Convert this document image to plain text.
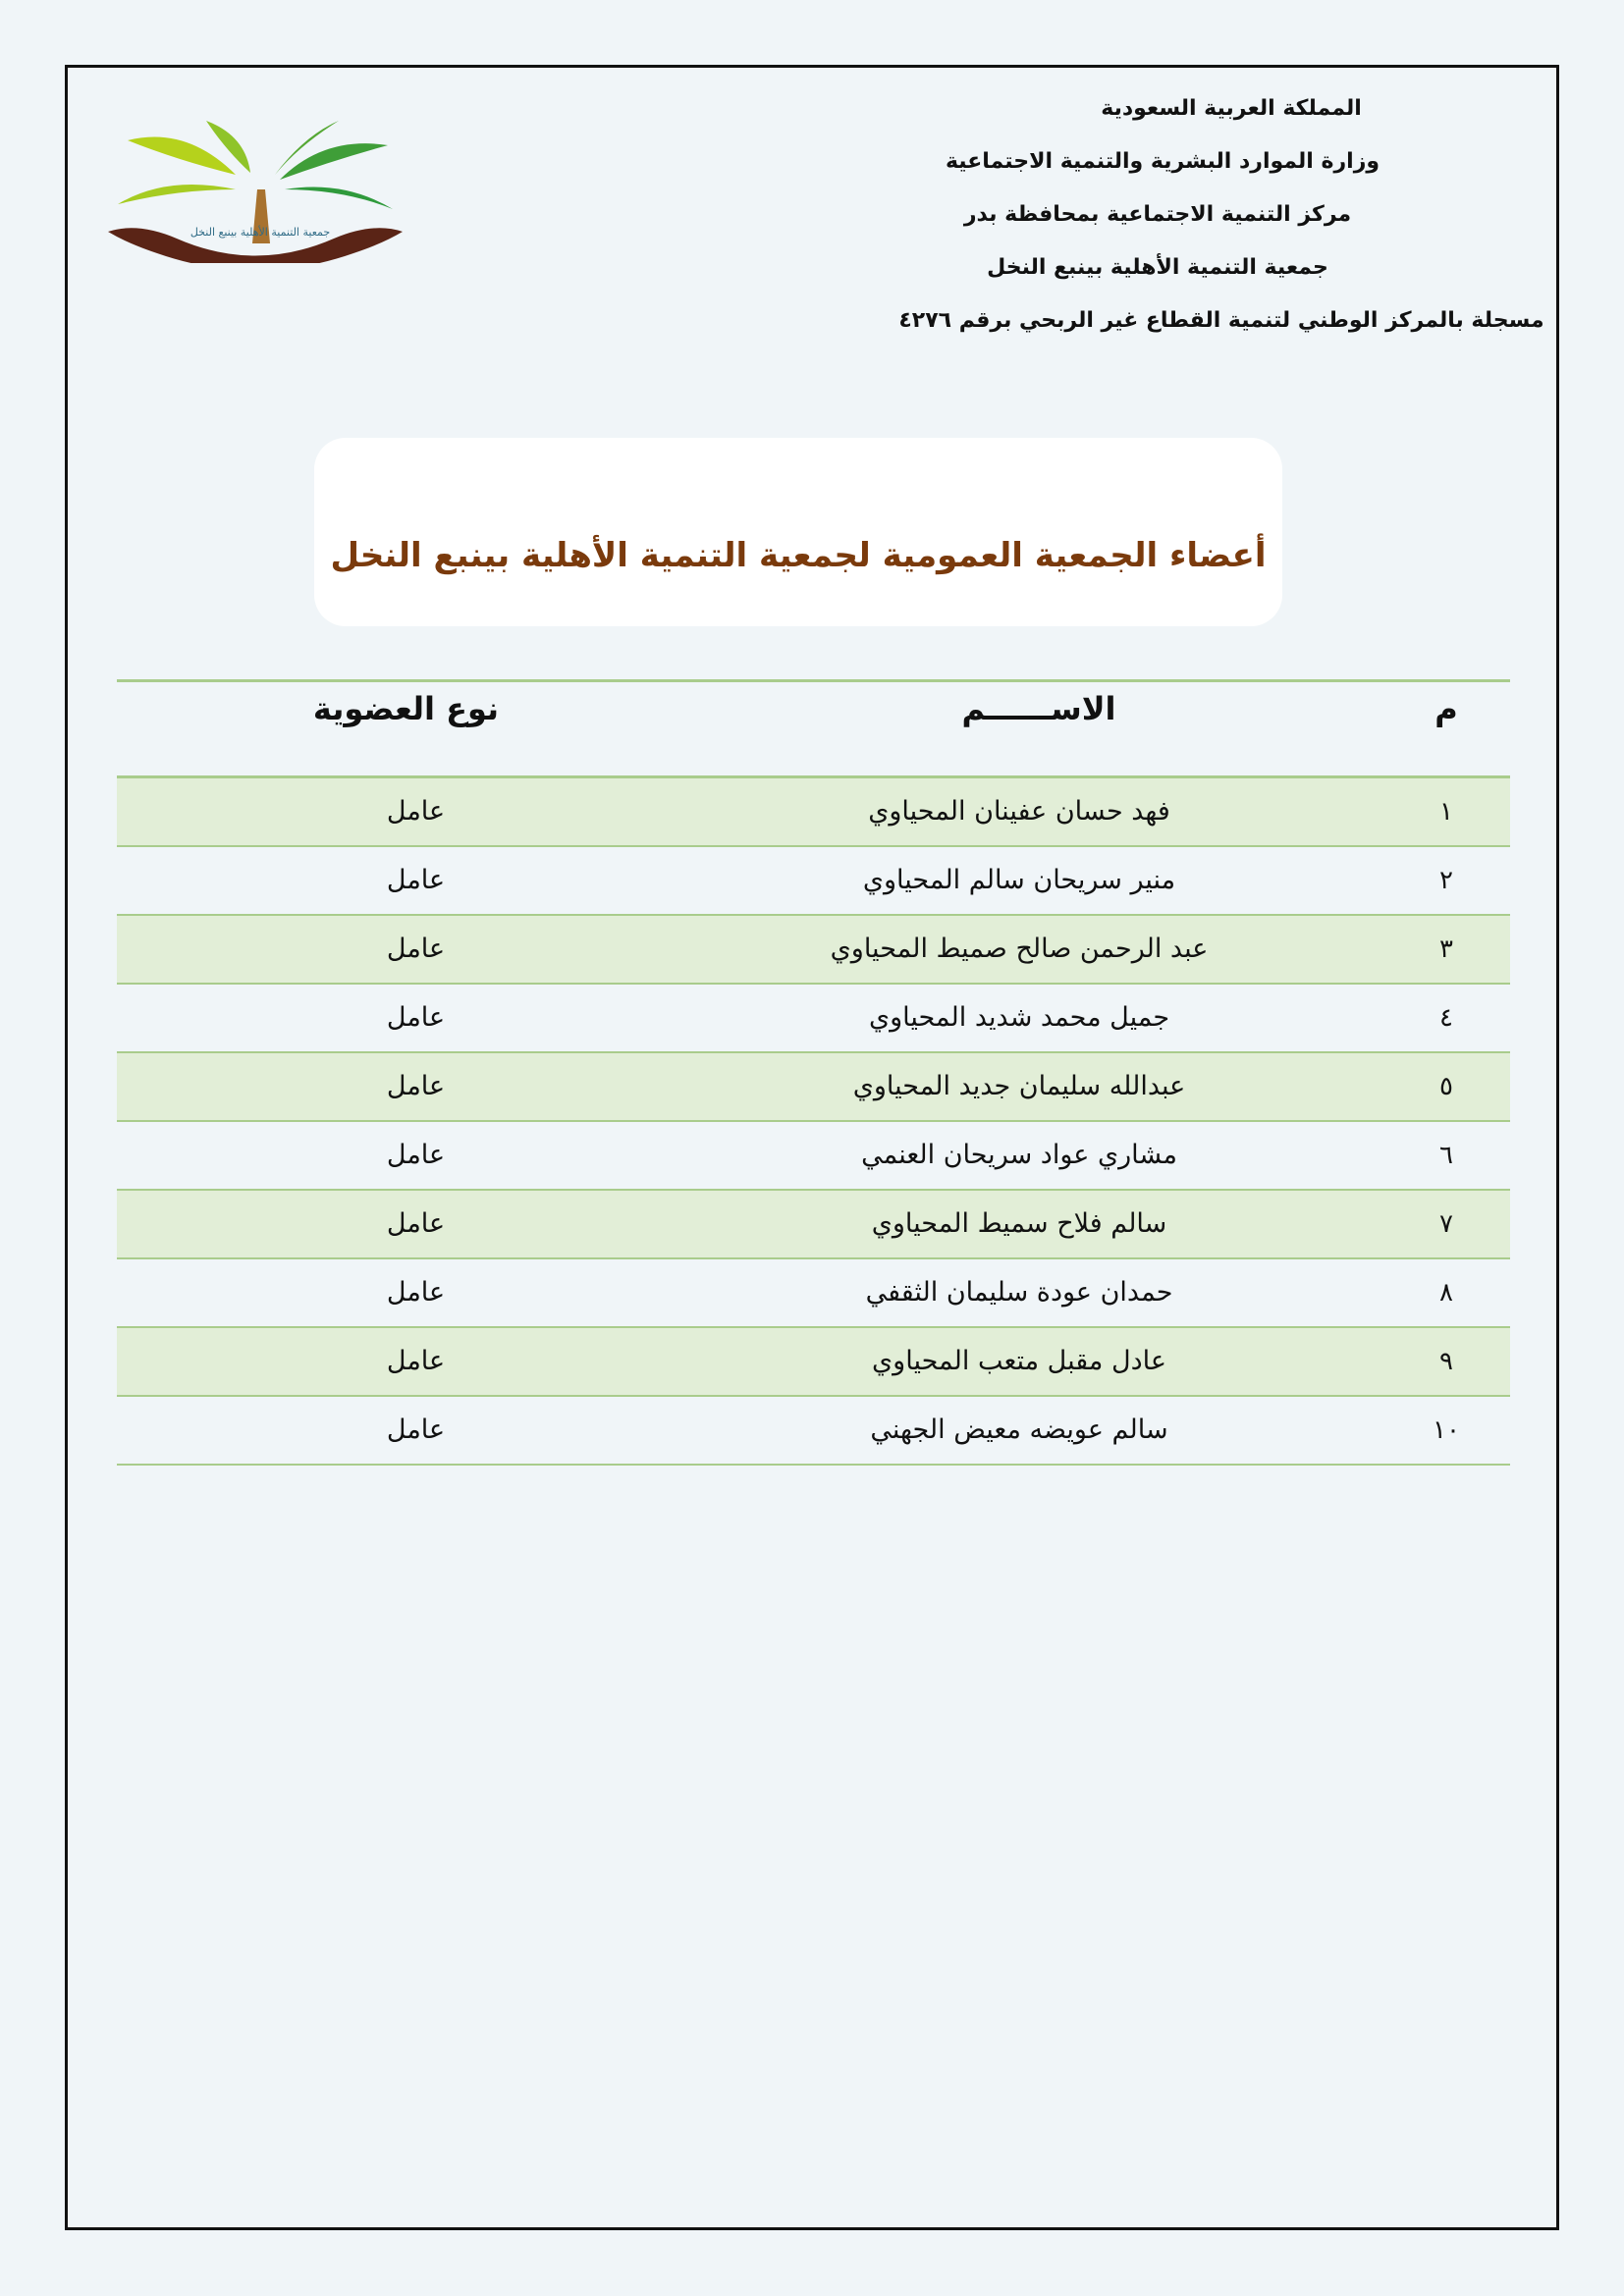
جمعية التنمية الأهلية بينبع النخل
المملكة العربية السعودية
وزارة الموارد البشرية والتنمية الاجتماعية
مركز التنمية الاجتماعية بمحافظة بدر
جمعية التنمية الأهلية بينبع النخل
مسجلة بالمركز الوطني لتنمية القطاع غير الربحي برقم ٤٢٧٦
أعضاء الجمعية العمومية لجمعية التنمية الأهلية بينبع النخل
م	الاســــــم	نوع العضوية
١	فهد حسان عفينان المحياوي	عامل
٢	منير سريحان سالم المحياوي	عامل
٣	عبد الرحمن صالح صميط المحياوي	عامل
٤	جميل محمد شديد المحياوي	عامل
٥	عبدالله سليمان جديد المحياوي	عامل
٦	مشاري عواد سريحان العنمي	عامل
٧	سالم فلاح سميط المحياوي	عامل
٨	حمدان عودة سليمان الثقفي	عامل
٩	عادل مقبل متعب المحياوي	عامل
١٠	سالم عويضه معيض الجهني	عامل
